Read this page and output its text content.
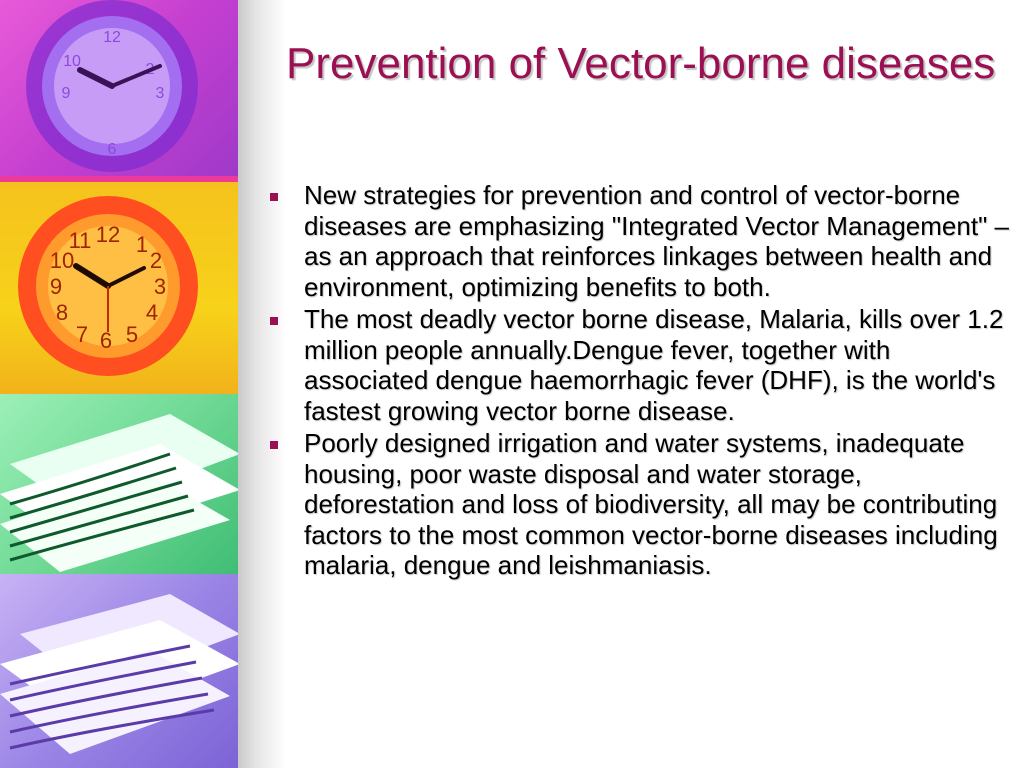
12
3
6
9
10
12 1
2
3
4
5
6
7
8
9
10
11
Prevention of Vector-borne diseases
New strategies for prevention and control of vector-borne diseases are emphasizing "Integrated Vector Management" – as an approach that reinforces linkages between health and environment, optimizing benefits to both.
The most deadly vector borne disease, Malaria, kills over 1.2 million people annually.Dengue fever, together with associated dengue haemorrhagic fever (DHF), is the world's fastest growing vector borne disease.
Poorly designed irrigation and water systems, inadequate housing, poor waste disposal and water storage, deforestation and loss of biodiversity, all may be contributing factors to the most common vector-borne diseases including malaria, dengue and leishmaniasis.
